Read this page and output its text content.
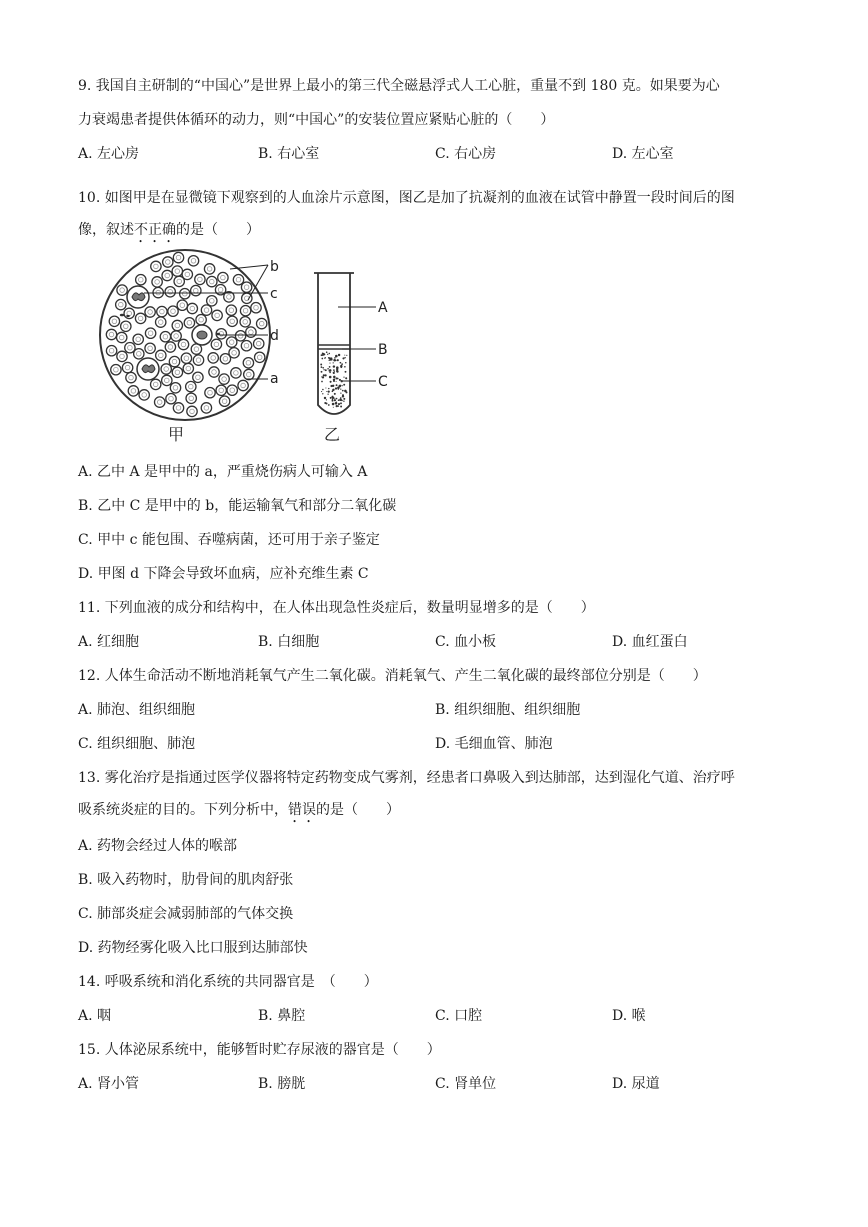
9. 我国自主研制的“中国心”是世界上最小的第三代全磁悬浮式人工心脏，重量不到 180 克。如果要为心
力衰竭患者提供体循环的动力，则“中国心”的安装位置应紧贴心脏的（　　）
A. 左心房	B. 右心室	C. 右心房	D. 左心室
10. 如图甲是在显微镜下观察到的人血涂片示意图，图乙是加了抗凝剂的血液在试管中静置一段时间后的图
像，叙述不正确的是（　　）
b
c
d
a
甲
A
B
C
乙
A. 乙中 A 是甲中的 a，严重烧伤病人可输入 A
B. 乙中 C 是甲中的 b，能运输氧气和部分二氧化碳
C. 甲中 c 能包围、吞噬病菌，还可用于亲子鉴定
D. 甲图 d 下降会导致坏血病，应补充维生素 C
11. 下列血液的成分和结构中，在人体出现急性炎症后，数量明显增多的是（　　）
A. 红细胞	B. 白细胞	C. 血小板	D. 血红蛋白
12. 人体生命活动不断地消耗氧气产生二氧化碳。消耗氧气、产生二氧化碳的最终部位分别是（　　）
A. 肺泡、组织细胞	B. 组织细胞、组织细胞
C. 组织细胞、肺泡	D. 毛细血管、肺泡
13. 雾化治疗是指通过医学仪器将特定药物变成气雾剂，经患者口鼻吸入到达肺部，达到湿化气道、治疗呼
吸系统炎症的目的。下列分析中，错误的是（　　）
A. 药物会经过人体的喉部
B. 吸入药物时，肋骨间的肌肉舒张
C. 肺部炎症会减弱肺部的气体交换
D. 药物经雾化吸入比口服到达肺部快
14. 呼吸系统和消化系统的共同器官是　（　　）
A. 咽	B. 鼻腔	C. 口腔	D. 喉
15. 人体泌尿系统中，能够暂时贮存尿液的器官是（　　）
A. 肾小管	B. 膀胱	C. 肾单位	D. 尿道
